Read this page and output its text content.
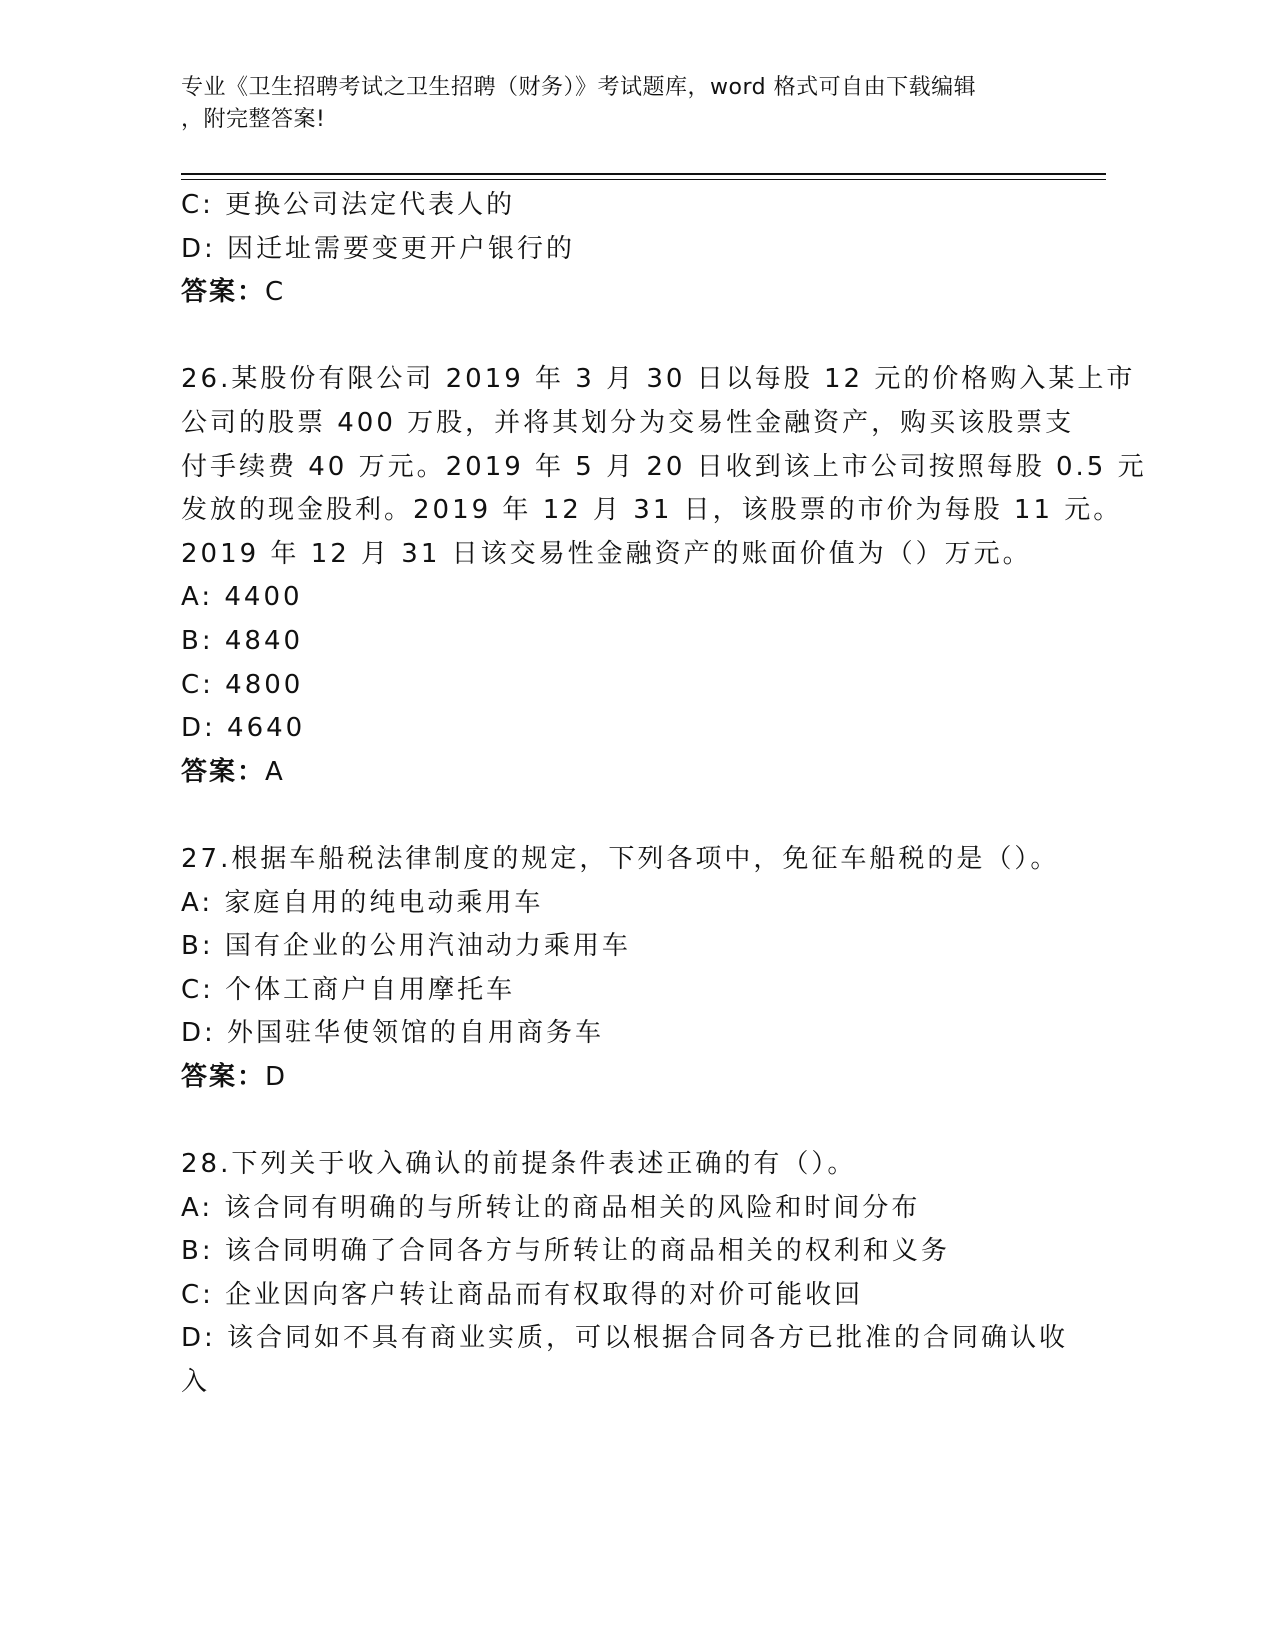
专业《卫生招聘考试之卫生招聘（财务）》考试题库，word 格式可自由下载编辑
，附完整答案!
C: 更换公司法定代表人的
D: 因迁址需要变更开户银行的
答案：C
26.某股份有限公司 2019 年 3 月 30 日以每股 12 元的价格购入某上市
公司的股票 400 万股，并将其划分为交易性金融资产，购买该股票支
付手续费 40 万元。2019 年 5 月 20 日收到该上市公司按照每股 0.5 元
发放的现金股利。2019 年 12 月 31 日，该股票的市价为每股 11 元。
2019 年 12 月 31 日该交易性金融资产的账面价值为（）万元。
A: 4400
B: 4840
C: 4800
D: 4640
答案：A
27.根据车船税法律制度的规定，下列各项中，免征车船税的是（）。
A: 家庭自用的纯电动乘用车
B: 国有企业的公用汽油动力乘用车
C: 个体工商户自用摩托车
D: 外国驻华使领馆的自用商务车
答案：D
28.下列关于收入确认的前提条件表述正确的有（）。
A: 该合同有明确的与所转让的商品相关的风险和时间分布
B: 该合同明确了合同各方与所转让的商品相关的权利和义务
C: 企业因向客户转让商品而有权取得的对价可能收回
D: 该合同如不具有商业实质，可以根据合同各方已批准的合同确认收
入
